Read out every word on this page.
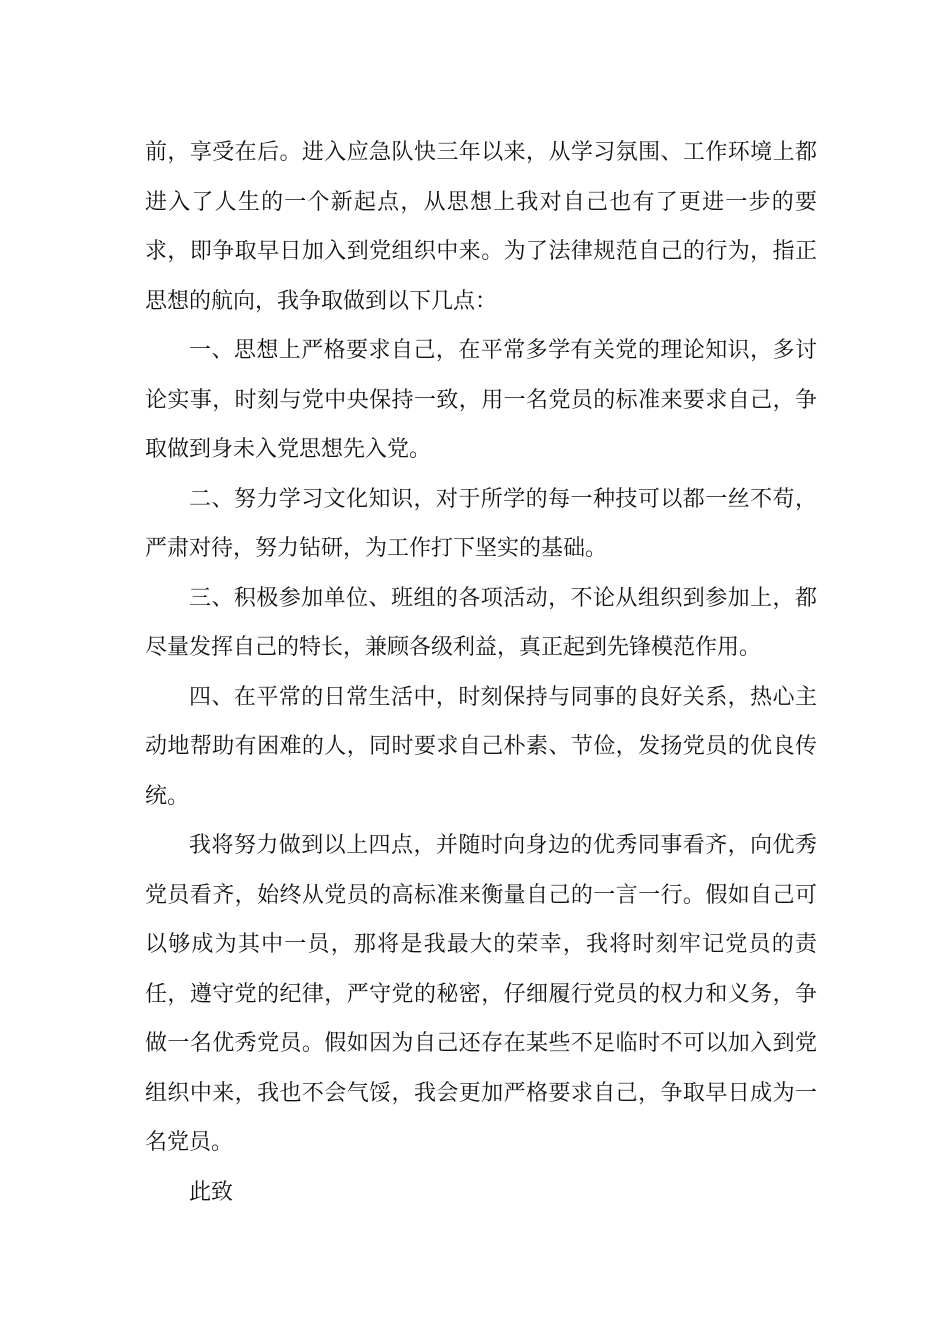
前，享受在后。进入应急队快三年以来，从学习氛围、工作环境上都进入了人生的一个新起点，从思想上我对自己也有了更进一步的要求，即争取早日加入到党组织中来。为了法律规范自己的行为，指正思想的航向，我争取做到以下几点：

一、思想上严格要求自己，在平常多学有关党的理论知识，多讨论实事，时刻与党中央保持一致，用一名党员的标准来要求自己，争取做到身未入党思想先入党。

二、努力学习文化知识，对于所学的每一种技可以都一丝不苟，严肃对待，努力钻研，为工作打下坚实的基础。

三、积极参加单位、班组的各项活动，不论从组织到参加上，都尽量发挥自己的特长，兼顾各级利益，真正起到先锋模范作用。

四、在平常的日常生活中，时刻保持与同事的良好关系，热心主动地帮助有困难的人，同时要求自己朴素、节俭，发扬党员的优良传统。

我将努力做到以上四点，并随时向身边的优秀同事看齐，向优秀党员看齐，始终从党员的高标准来衡量自己的一言一行。假如自己可以够成为其中一员，那将是我最大的荣幸，我将时刻牢记党员的责任，遵守党的纪律，严守党的秘密，仔细履行党员的权力和义务，争做一名优秀党员。假如因为自己还存在某些不足临时不可以加入到党组织中来，我也不会气馁，我会更加严格要求自己，争取早日成为一名党员。

此致
